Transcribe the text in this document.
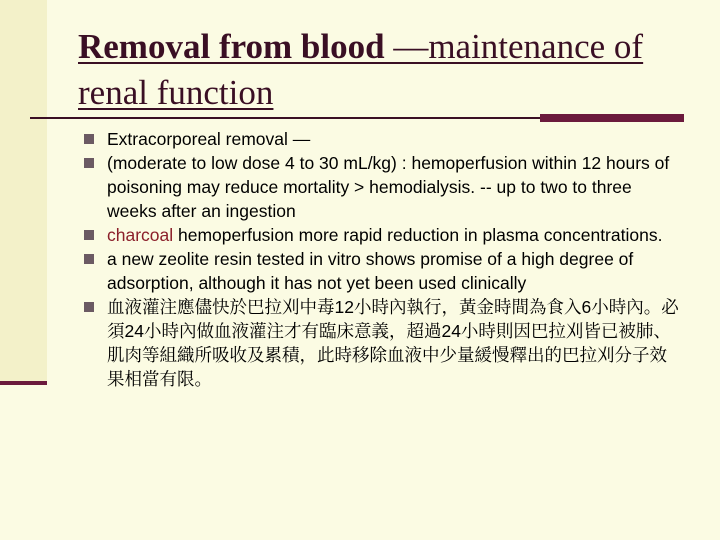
Removal from blood —maintenance of renal function
Extracorporeal removal —
(moderate to low dose 4 to 30 mL/kg) : hemoperfusion within 12 hours of poisoning may reduce mortality > hemodialysis. -- up to two to three weeks after an ingestion
charcoal hemoperfusion more rapid reduction in plasma concentrations.
a new zeolite resin tested in vitro shows promise of a high degree of adsorption, although it has not yet been used clinically
血液灌注應儘快於巴拉刈中毒12小時內執行，黃金時間為食入6小時內。必須24小時內做血液灌注才有臨床意義，超過24小時則因巴拉刈皆已被肺、肌肉等組織所吸收及累積，此時移除血液中少量緩慢釋出的巴拉刈分子效果相當有限。
